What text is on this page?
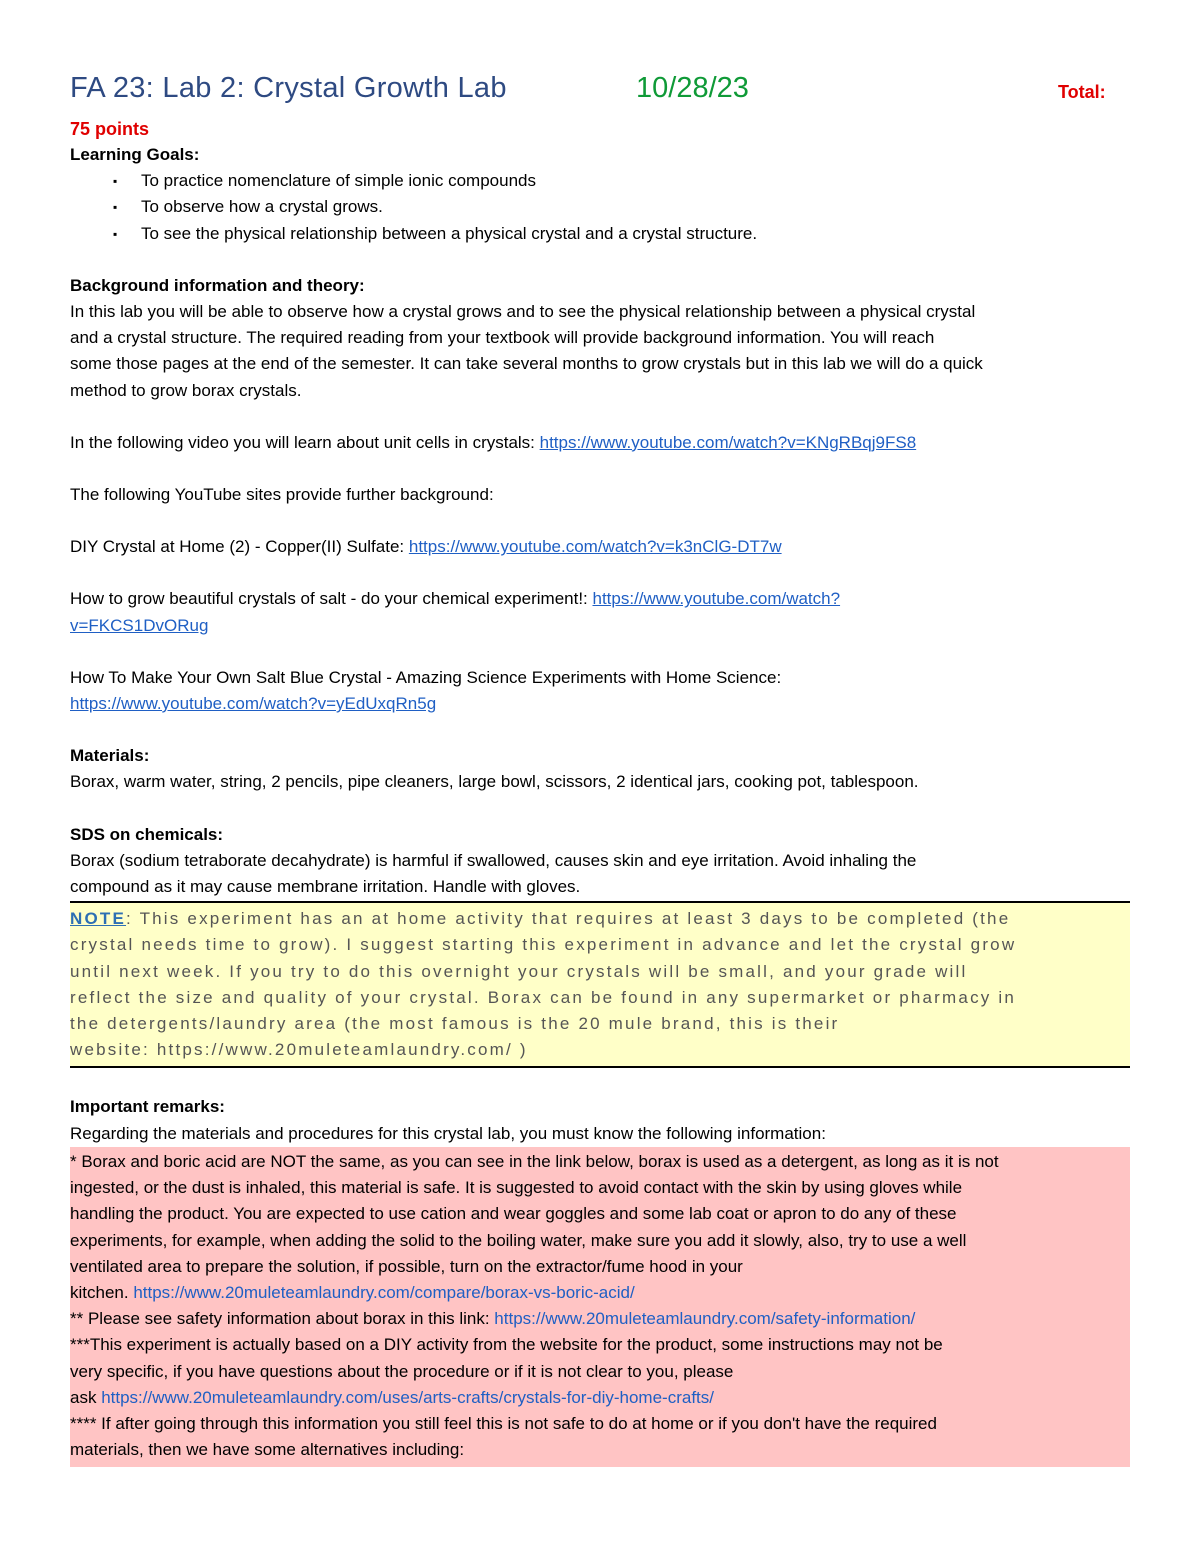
FA 23: Lab 2: Crystal Growth Lab	10/28/23	Total:
75 points

Learning Goals:

▪ To practice nomenclature of simple ionic compounds
▪ To observe how a crystal grows.
▪ To see the physical relationship between a physical crystal and a crystal structure.

Background information and theory:

In this lab you will be able to observe how a crystal grows and to see the physical relationship between a physical crystal

and a crystal structure. The required reading from your textbook will provide background information. You will reach

some those pages at the end of the semester. It can take several months to grow crystals but in this lab we will do a quick

method to grow borax crystals.

In the following video you will learn about unit cells in crystals: https://www.youtube.com/watch?v=KNgRBqj9FS8

The following YouTube sites provide further background:

DIY Crystal at Home (2) - Copper(II) Sulfate: https://www.youtube.com/watch?v=k3nClG-DT7w

How to grow beautiful crystals of salt - do your chemical experiment!: https://www.youtube.com/watch?

v=FKCS1DvORug

How To Make Your Own Salt Blue Crystal - Amazing Science Experiments with Home Science:

https://www.youtube.com/watch?v=yEdUxqRn5g

Materials:

Borax, warm water, string, 2 pencils, pipe cleaners, large bowl, scissors, 2 identical jars, cooking pot, tablespoon.

SDS on chemicals:

Borax (sodium tetraborate decahydrate) is harmful if swallowed, causes skin and eye irritation. Avoid inhaling the

compound as it may cause membrane irritation. Handle with gloves.

NOTE: This experiment has an at home activity that requires at least 3 days to be completed (the

crystal needs time to grow). I suggest starting this experiment in advance and let the crystal grow

until next week. If you try to do this overnight your crystals will be small, and your grade will

reflect the size and quality of your crystal. Borax can be found in any supermarket or pharmacy in

the detergents/laundry area (the most famous is the 20 mule brand, this is their

website: https://www.20muleteamlaundry.com/ )

Important remarks:

Regarding the materials and procedures for this crystal lab, you must know the following information:

* Borax and boric acid are NOT the same, as you can see in the link below, borax is used as a detergent, as long as it is not

ingested, or the dust is inhaled, this material is safe. It is suggested to avoid contact with the skin by using gloves while

handling the product. You are expected to use cation and wear goggles and some lab coat or apron to do any of these

experiments, for example, when adding the solid to the boiling water, make sure you add it slowly, also, try to use a well

ventilated area to prepare the solution, if possible, turn on the extractor/fume hood in your

kitchen. https://www.20muleteamlaundry.com/compare/borax-vs-boric-acid/

** Please see safety information about borax in this link: https://www.20muleteamlaundry.com/safety-information/

***This experiment is actually based on a DIY activity from the website for the product, some instructions may not be

very specific, if you have questions about the procedure or if it is not clear to you, please

ask https://www.20muleteamlaundry.com/uses/arts-crafts/crystals-for-diy-home-crafts/

**** If after going through this information you still feel this is not safe to do at home or if you don't have the required

materials, then we have some alternatives including:
